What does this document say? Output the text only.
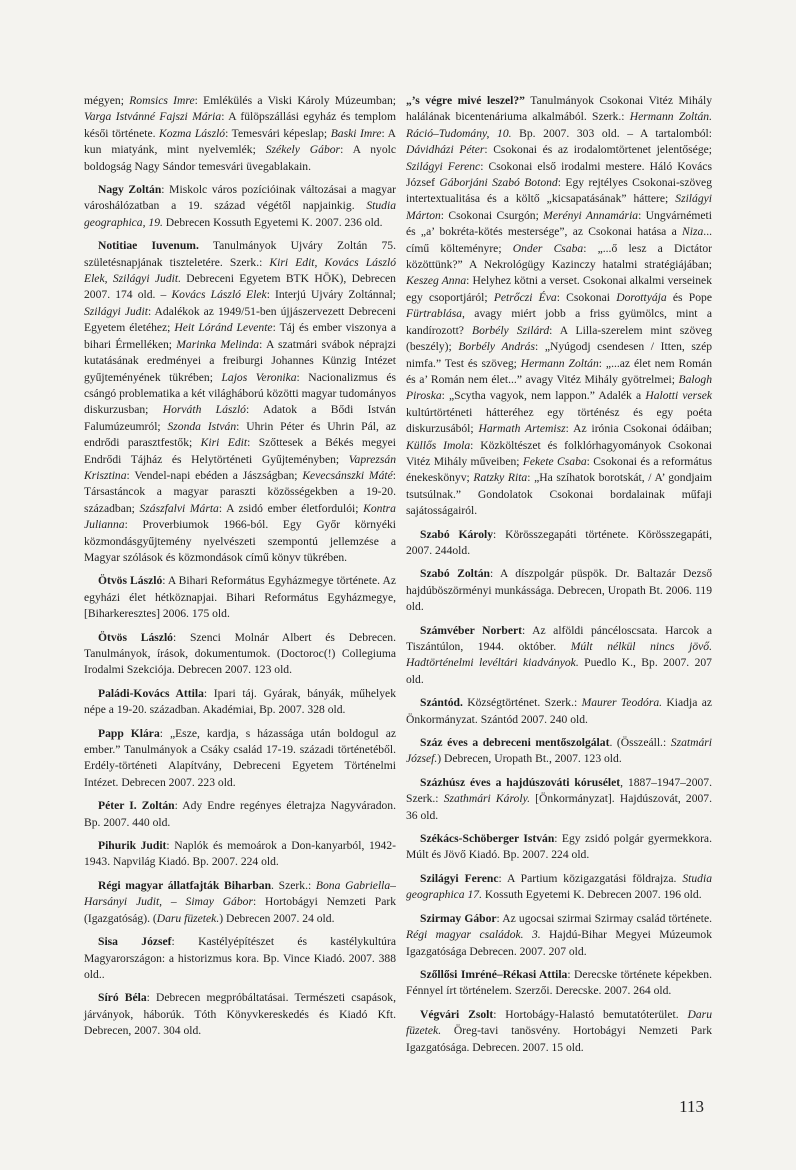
mégyen; Romsics Imre: Emlékülés a Viski Károly Múzeumban; Varga Istvánné Fajszi Mária: A fülöpszállási egyház és templom késői története. Kozma László: Temesvári képeslap; Baski Imre: A kun miatyánk, mint nyelvemlék; Székely Gábor: A nyolc boldogság Nagy Sándor temesvári üvegablakain.

Nagy Zoltán: Miskolc város pozícióinak változásai a magyar városhálózatban a 19. század végétől napjainkig. Studia geographica, 19. Debrecen Kossuth Egyetemi K. 2007. 236 old.

Notitiae Iuvenum. Tanulmányok Ujváry Zoltán 75. születésnapjának tiszteletére. Szerk.: Kiri Edit, Kovács László Elek, Szilágyi Judit. Debreceni Egyetem BTK HÖK), Debrecen 2007. 174 old. – Kovács László Elek: Interjú Ujváry Zoltánnal; Szilágyi Judit: Adalékok az 1949/51-ben újjászervezett Debreceni Egyetem életéhez; Heit Lóránd Levente: Táj és ember viszonya a bihari Érmelléken; Marinka Melinda: A szatmári svábok néprajzi kutatásának eredményei a freiburgi Johannes Künzig Intézet gyűjteményének tükrében; Lajos Veronika: Nacionalizmus és csángó problematika a két világháború közötti magyar tudományos diskurzusban; Horváth László: Adatok a Bődi István Falumúzeumról; Szonda István: Uhrin Péter és Uhrin Pál, az endrődi parasztfestők; Kiri Edit: Szőttesek a Békés megyei Endrődi Tájház és Helytörténeti Gyűjteményben; Vaprezsán Krisztina: Vendel-napi ebéden a Jászságban; Kevecsánszki Máté: Társastáncok a magyar paraszti közösségekben a 19-20. században; Szászfalvi Márta: A zsidó ember életfordulói; Kontra Julianna: Proverbiumok 1966-ból. Egy Győr környéki közmondásgyűjtemény nyelvészeti szempontú jellemzése a Magyar szólások és közmondások című könyv tükrében.

Ötvös László: A Bihari Református Egyházmegye története. Az egyházi élet hétköznapjai. Bihari Református Egyházmegye, [Biharkeresztes] 2006. 175 old.

Ötvös László: Szenci Molnár Albert és Debrecen. Tanulmányok, írások, dokumentumok. (Doctoroc(!) Collegiuma Irodalmi Szekciója. Debrecen 2007. 123 old.

Paládi-Kovács Attila: Ipari táj. Gyárak, bányák, műhelyek népe a 19-20. században. Akadémiai, Bp. 2007. 328 old.

Papp Klára: „Esze, kardja, s házassága után boldogul az ember.” Tanulmányok a Csáky család 17-19. századi történetéből. Erdély-történeti Alapítvány, Debreceni Egyetem Történelmi Intézet. Debrecen 2007. 223 old.

Péter I. Zoltán: Ady Endre regényes életrajza Nagyváradon. Bp. 2007. 440 old.

Pihurik Judit: Naplók és memoárok a Don-kanyarból, 1942-1943. Napvilág Kiadó. Bp. 2007. 224 old.

Régi magyar állatfajták Biharban. Szerk.: Bona Gabriella–Harsányi Judit, – Simay Gábor: Hortobágyi Nemzeti Park (Igazgatóság). (Daru füzetek.) Debrecen 2007. 24 old.

Sisa József: Kastélyépítészet és kastélykultúra Magyarországon: a historizmus kora. Bp. Vince Kiadó. 2007. 388 old..

Síró Béla: Debrecen megpróbáltatásai. Természeti csapások, járványok, háborúk. Tóth Könyvkereskedés és Kiadó Kft. Debrecen, 2007. 304 old.

„’s végre mivé leszel?” Tanulmányok Csokonai Vitéz Mihály halálának bicentenáriuma alkalmából. Szerk.: Hermann Zoltán. Ráció–Tudomány, 10. Bp. 2007. 303 old. – A tartalomból: Dávidházi Péter: Csokonai és az irodalomtörtenet jelentősége; Szilágyi Ferenc: Csokonai első irodalmi mestere. Háló Kovács József Gáborjáni Szabó Botond: Egy rejtélyes Csokonai-szöveg intertextualitása és a költő „kicsapatásának” háttere; Szilágyi Márton: Csokonai Csurgón; Merényi Annamária: Ungvárnémeti és „a’ bokréta-kötés mestersége”, az Csokonai hatása a Niza... című költeményre; Onder Csaba: „...ő lesz a Dictátor közöttünk?” A Nekrológügy Kazinczy hatalmi stratégiájában; Keszeg Anna: Helyhez kötni a verset. Csokonai alkalmi verseinek egy csoportjáról; Petrőczi Éva: Csokonai Dorottyája és Pope Fürtrablása, avagy miért jobb a friss gyümölcs, mint a kandírozott? Borbély Szilárd: A Lilla-szerelem mint szöveg (beszély); Borbély András: „Nyúgodj csendesen / Itten, szép nimfa.” Test és szöveg; Hermann Zoltán: „...az élet nem Román és a’ Román nem élet...” avagy Vitéz Mihály gyötrelmei; Balogh Piroska: „Scytha vagyok, nem lappon.” Adalék a Halotti versek kultúrtörténeti hátteréhez egy történész és egy poéta diskurzusából; Harmath Artemisz: Az irónia Csokonai ódáiban; Küllős Imola: Közköltészet és folklórhagyományok Csokonai Vitéz Mihály műveiben; Fekete Csaba: Csokonai és a református énekeskönyv; Ratzky Rita: „Ha szíhatok borotskát, / A’ gondjaim tsutsúlnak.” Gondolatok Csokonai bordalainak műfaji sajátosságairól.

Szabó Károly: Körösszegapáti története. Körösszegapáti, 2007. 244old.

Szabó Zoltán: A díszpolgár püspök. Dr. Baltazár Dezső hajdúböszörményi munkássága. Debrecen, Uropath Bt. 2006. 119 old.

Számvéber Norbert: Az alföldi páncéloscsata. Harcok a Tiszántúlon, 1944. október. Múlt nélkül nincs jövő. Hadtörténelmi levéltári kiadványok. Puedlo K., Bp. 2007. 207 old.

Szántód. Községtörténet. Szerk.: Maurer Teodóra. Kiadja az Önkormányzat. Szántód 2007. 240 old.

Száz éves a debreceni mentőszolgálat. (Összeáll.: Szatmári József.) Debrecen, Uropath Bt., 2007. 123 old.

Százhúsz éves a hajdúszováti kórusélet, 1887–1947–2007. Szerk.: Szathmári Károly. [Önkormányzat]. Hajdúszovát, 2007. 36 old.

Székács-Schöberger István: Egy zsidó polgár gyermekkora. Múlt és Jövő Kiadó. Bp. 2007. 224 old.

Szilágyi Ferenc: A Partium közigazgatási földrajza. Studia geographica 17. Kossuth Egyetemi K. Debrecen 2007. 196 old.

Szirmay Gábor: Az ugocsai szirmai Szirmay család története. Régi magyar családok. 3. Hajdú-Bihar Megyei Múzeumok Igazgatósága Debrecen. 2007. 207 old.

Szőllősi Imréné–Rékasi Attila: Derecske története képekben. Fénnyel írt történelem. Szerzői. Derecske. 2007. 264 old.

Végvári Zsolt: Hortobágy-Halastó bemutatóterület. Daru füzetek. Öreg-tavi tanösvény. Hortobágyi Nemzeti Park Igazgatósága. Debrecen. 2007. 15 old.

113
